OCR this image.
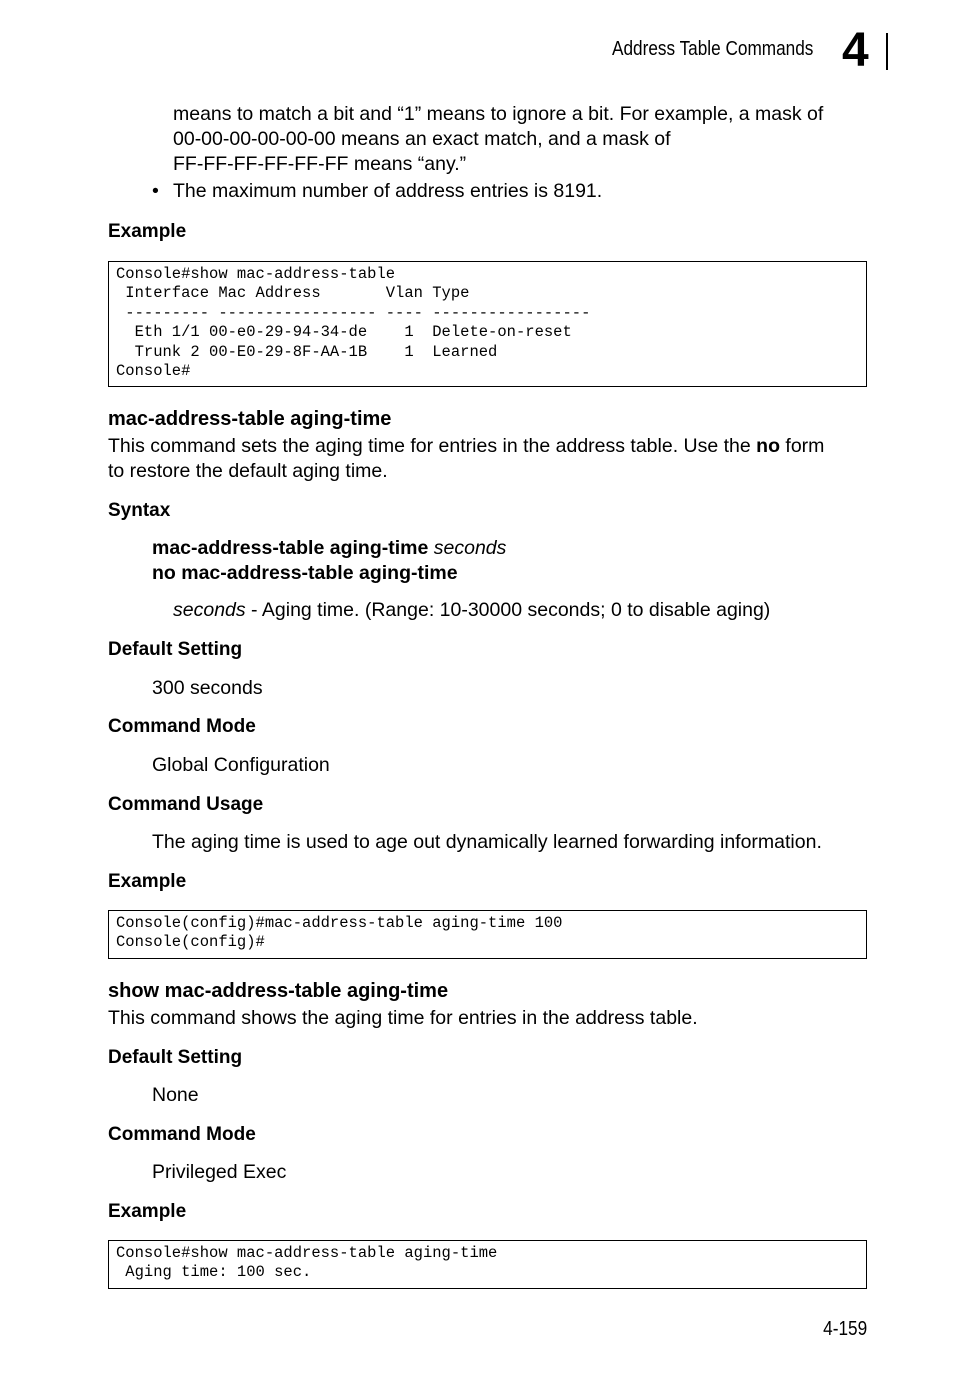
Address Table Commands 4
means to match a bit and “1” means to ignore a bit. For example, a mask of
00-00-00-00-00-00 means an exact match, and a mask of
FF-FF-FF-FF-FF-FF means “any.”
• The maximum number of address entries is 8191.
Example
Console#show mac-address-table
Interface Mac Address       Vlan Type
--------- ----------------- ---- -----------------
Eth 1/1 00-e0-29-94-34-de    1  Delete-on-reset
Trunk 2 00-E0-29-8F-AA-1B    1  Learned
Console#
mac-address-table aging-time
This command sets the aging time for entries in the address table. Use the no form
to restore the default aging time.
Syntax
mac-address-table aging-time seconds
no mac-address-table aging-time
seconds - Aging time. (Range: 10-30000 seconds; 0 to disable aging)
Default Setting
300 seconds
Command Mode
Global Configuration
Command Usage
The aging time is used to age out dynamically learned forwarding information.
Example
Console(config)#mac-address-table aging-time 100
Console(config)#
show mac-address-table aging-time
This command shows the aging time for entries in the address table.
Default Setting
None
Command Mode
Privileged Exec
Example
Console#show mac-address-table aging-time
Aging time: 100 sec.
4-159
